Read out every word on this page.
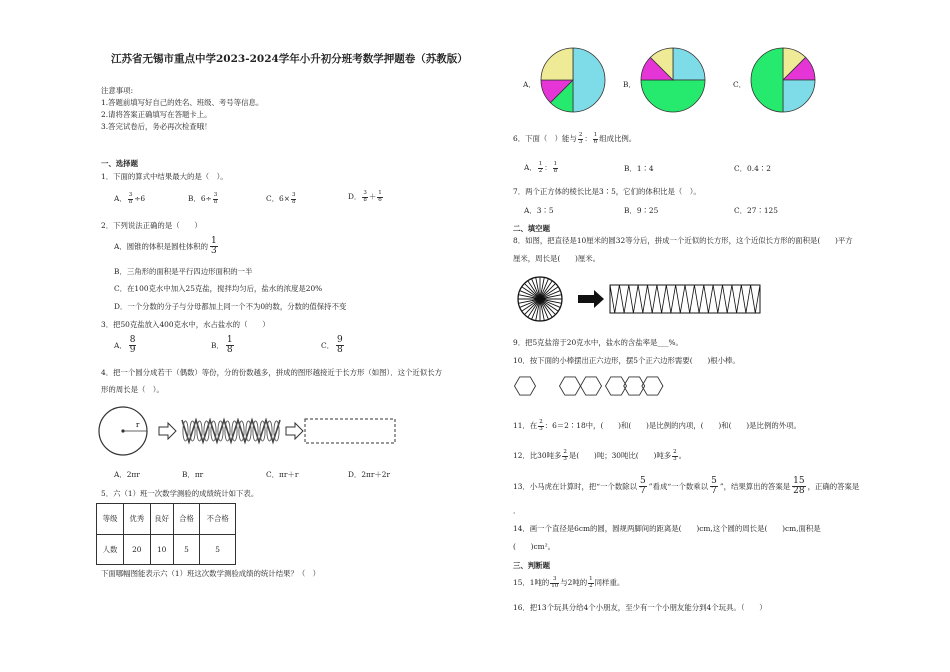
江苏省无锡市重点中学2023-2024学年小升初分班考数学押题卷（苏教版）
注意事项:
1.答题前填写好自己的姓名、班级、考号等信息。
2.请将答案正确填写在答题卡上。
3.答完试卷后，务必再次检查哦！
一、选择题
1．下面的算式中结果最大的是（　）。
A． $\frac{3}{8} \div 6$	B．$6\div \frac{3}{8}$	C．$6\times \frac{3}{8}$	D． $\frac{3}{8} + \frac{1}{6}$
2．下列说法正确的是（　　）
A．圆锥的体积是圆柱体积的 $\frac{1}{3}$
B．三角形的面积是平行四边形面积的一半
C．在100克水中加入25克盐，搅拌均匀后，盐水的浓度是20%
D．一个分数的分子与分母都加上同一个不为0的数，分数的值保持不变
3．把50克盐放入400克水中，水占盐水的（　　）
A． $\frac{8}{9}$	B． $\frac{1}{8}$	C． $\frac{9}{8}$
4．把一个圆分成若干（偶数）等份，分的份数越多，拼成的图形越接近于长方形（如图）．这个近似长方
形的周长是（　）。
r
A．2πr	B．πr	C．πr＋r	D．2πr＋2r
5．六（1）班一次数学测验的成绩统计如下表。
等级	优秀	良好	合格	不合格
人数	20	10	5	5
下面哪幅图能表示六（1）班这次数学测验成绩的统计结果？（　）
A．	B．	C．
6．下面（　）能与 $\frac{2}{3}$ ： $\frac{1}{6}$ 组成比例。
A． $\frac{1}{2}$ ： $\frac{1}{8}$	B．1∶4	C．0.4∶2
7．两个正方体的棱长比是3∶5，它们的体积比是（　）。
A．3∶5	B．9∶25	C．27∶125
二、填空题
8．如图，把直径是10厘米的圆32等分后，拼成一个近似的长方形，这个近似长方形的面积是(　　)平方
厘米，周长是(　　)厘米。
9．把5克盐溶于20克水中，盐水的含盐率是___%。
10．按下面的小棒摆出正六边形，摆5个正六边形需要(　　)根小棒。
11．在 $\frac{2}{3}$ ：6＝2∶18中，(　　)和(　　)是比例的内项，(　　)和(　　)是比例的外项。
12．比30吨多 $\frac{2}{3}$ 是(　　)吨；30吨比(　　)吨多 $\frac{2}{3}$ 。
13．小马虎在计算时，把“一个数除以 $\frac{5}{7}$ ”看成“一个数乘以 $\frac{5}{7}$ ”，结果算出的答案是 $\frac{15}{28}$ ，正确的答案是
．
14．画一个直径是6cm的圆，圆规两脚间的距离是(　　)cm,这个圆的周长是(　　)cm,面积是
(　　)cm²。
三、判断题
15．1吨的 $\frac{3}{10}$ 与2吨的 $\frac{1}{2}$ 同样重。
16．把13个玩具分给4个小朋友，至少有一个小朋友能分到4个玩具。（　　）
